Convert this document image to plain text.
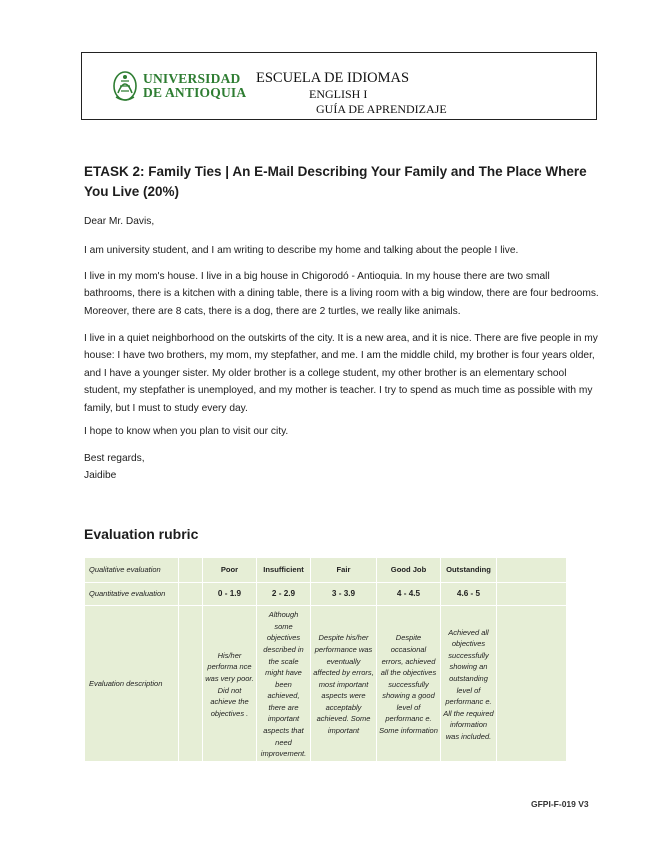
UNIVERSIDAD
DE ANTIOQUIA
ESCUELA DE IDIOMAS
ENGLISH I
GUÍA DE APRENDIZAJE
ETASK 2: Family Ties | An E-Mail Describing Your Family and The Place Where You Live (20%)
Dear Mr. Davis,
I am university student, and I am writing to describe my home and talking about the people I live.
I live in my mom's house. I live in a big house in Chigorodó - Antioquia. In my house there are two small bathrooms, there is a kitchen with a dining table, there is a living room with a big window, there are four bedrooms. Moreover, there are 8 cats, there is a dog, there are 2 turtles, we really like animals.
I live in a quiet neighborhood on the outskirts of the city. It is a new area, and it is nice. There are five people in my house: I have two brothers, my mom, my stepfather, and me. I am the middle child, my brother is four years older, and I have a younger sister. My older brother is a college student, my other brother is an elementary school student, my stepfather is unemployed, and my mother is teacher. I try to spend as much time as possible with my family, but I must to study every day.
I hope to know when you plan to visit our city.
Best regards,
Jaidibe
Evaluation rubric
Qualitative evaluation		Poor	Insufficient	Fair	Good Job	Outstanding	
Quantitative evaluation		0 - 1.9	2 - 2.9	3 - 3.9	4 - 4.5	4.6 - 5	
Evaluation description		His/her performa nce was very poor. Did not achieve the objectives .	Although some objectives described in the scale might have been achieved, there are important aspects that need improvement.	Despite his/her performance was eventually affected by errors, most important aspects were acceptably achieved. Some important	Despite occasional errors, achieved all the objectives successfully showing a good level of performanc e. Some information	Achieved all objectives successfully showing an outstanding level of performanc e. All the required information was included.	
GFPI-F-019 V3
